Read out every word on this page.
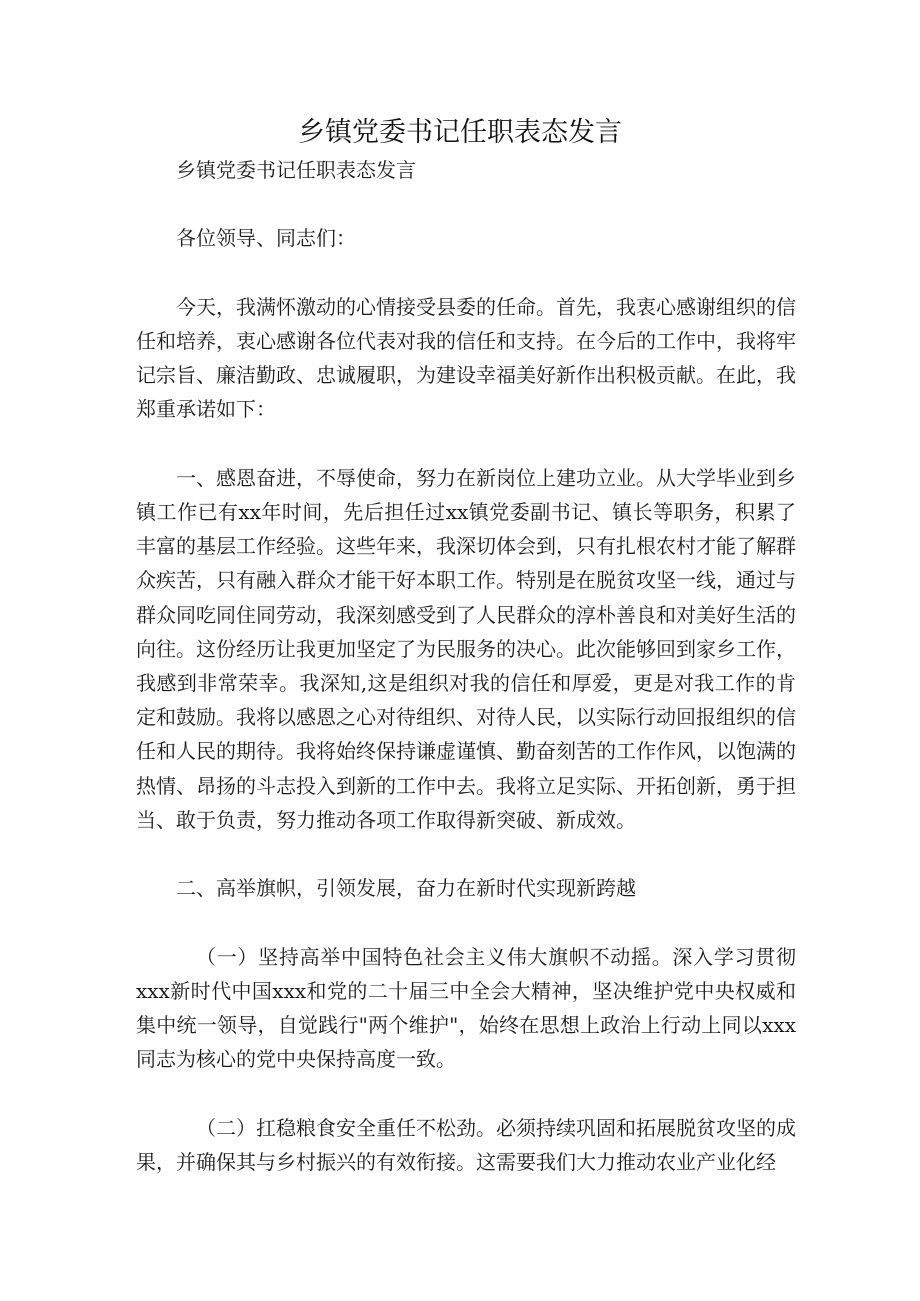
乡镇党委书记任职表态发言

乡镇党委书记任职表态发言

各位领导、同志们：

今天，我满怀激动的心情接受县委的任命。首先，我衷心感谢组织的信任和培养，衷心感谢各位代表对我的信任和支持。在今后的工作中，我将牢记宗旨、廉洁勤政、忠诚履职，为建设幸福美好新作出积极贡献。在此，我郑重承诺如下：

一、感恩奋进，不辱使命，努力在新岗位上建功立业。从大学毕业到乡镇工作已有xx年时间，先后担任过xx镇党委副书记、镇长等职务，积累了丰富的基层工作经验。这些年来，我深切体会到，只有扎根农村才能了解群众疾苦，只有融入群众才能干好本职工作。特别是在脱贫攻坚一线，通过与群众同吃同住同劳动，我深刻感受到了人民群众的淳朴善良和对美好生活的向往。这份经历让我更加坚定了为民服务的决心。此次能够回到家乡工作，我感到非常荣幸。我深知,这是组织对我的信任和厚爱，更是对我工作的肯定和鼓励。我将以感恩之心对待组织、对待人民，以实际行动回报组织的信任和人民的期待。我将始终保持谦虚谨慎、勤奋刻苦的工作作风，以饱满的热情、昂扬的斗志投入到新的工作中去。我将立足实际、开拓创新，勇于担当、敢于负责，努力推动各项工作取得新突破、新成效。

二、高举旗帜，引领发展，奋力在新时代实现新跨越

（一）坚持高举中国特色社会主义伟大旗帜不动摇。深入学习贯彻xxx新时代中国xxx和党的二十届三中全会大精神，坚决维护党中央权威和集中统一领导，自觉践行"两个维护"，始终在思想上政治上行动上同以xxx同志为核心的党中央保持高度一致。

（二）扛稳粮食安全重任不松劲。必须持续巩固和拓展脱贫攻坚的成果，并确保其与乡村振兴的有效衔接。这需要我们大力推动农业产业化经
